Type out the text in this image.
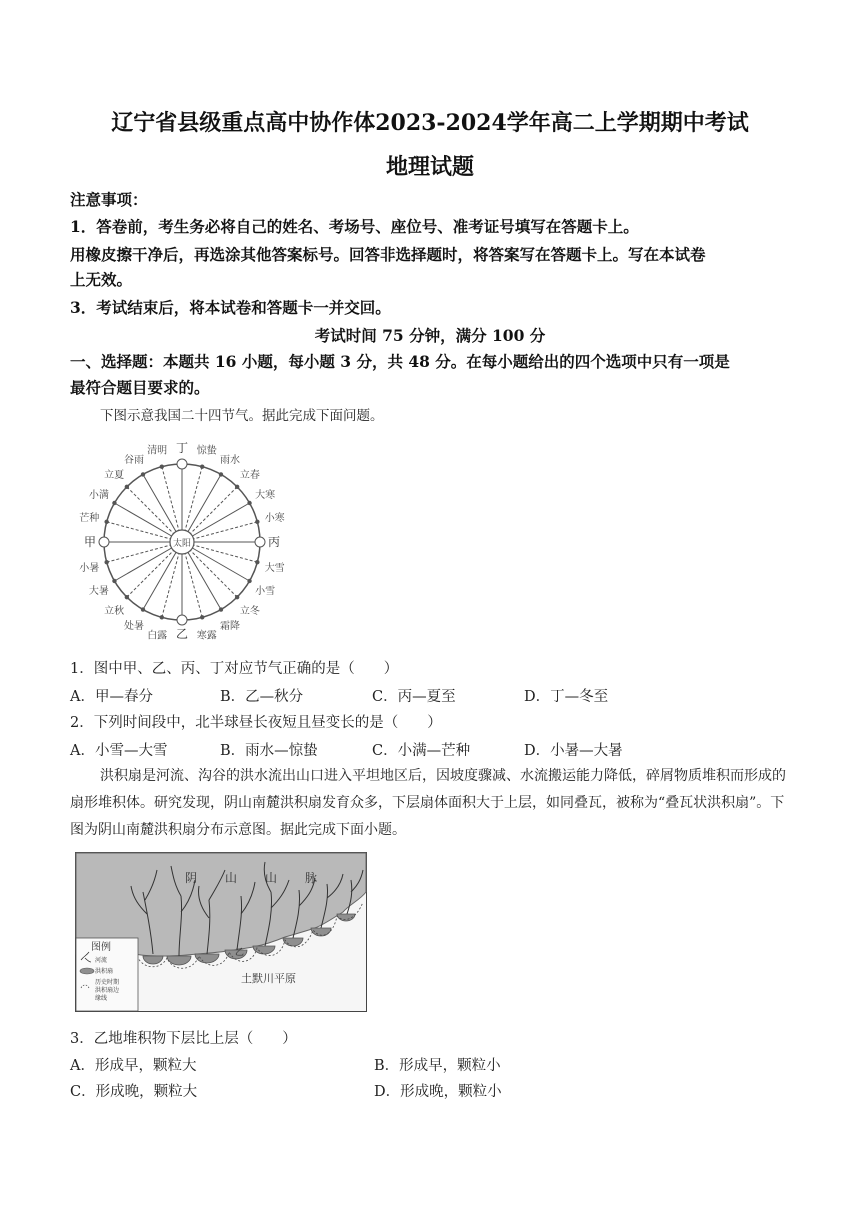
辽宁省县级重点高中协作体2023-2024学年高二上学期期中考试
地理试题
注意事项：
1．答卷前，考生务必将自己的姓名、考场号、座位号、准考证号填写在答题卡上。
用橡皮擦干净后，再选涂其他答案标号。回答非选择题时，将答案写在答题卡上。写在本试卷
上无效。
3．考试结束后，将本试卷和答题卡一并交回。
考试时间 75 分钟，满分 100 分
一、选择题：本题共 16 小题，每小题 3 分，共 48 分。在每小题给出的四个选项中只有一项是
最符合题目要求的。
下图示意我国二十四节气。据此完成下面问题。
太阳
丁
乙
甲	丙
惊蛰
雨水
立春
大寒
小寒
大雪
小雪
立冬
霜降
寒露
白露
处暑
立秋
大暑
小暑
芒种
小满
立夏
谷雨
清明
1．图中甲、乙、丙、丁对应节气正确的是（　　）
A．甲—春分	B．乙—秋分	C．丙—夏至	D．丁—冬至
2．下列时间段中，北半球昼长夜短且昼变长的是（　　）
A．小雪—大雪	B．雨水—惊蛰	C．小满—芒种	D．小暑—大暑
洪积扇是河流、沟谷的洪水流出山口进入平坦地区后，因坡度骤减、水流搬运能力降低，碎屑物质堆积而形成的扇形堆积体。研究发现，阴山南麓洪积扇发育众多，下层扇体面积大于上层，如同叠瓦，被称为“叠瓦状洪积扇”。下图为阴山南麓洪积扇分布示意图。据此完成下面小题。
阴 山 山 脉
乙
土默川平原
图例
河流
洪积扇
历史时期
洪积扇边
缘线
3．乙地堆积物下层比上层（　　）
A．形成早，颗粒大	B．形成早，颗粒小
C．形成晚，颗粒大	D．形成晚，颗粒小
